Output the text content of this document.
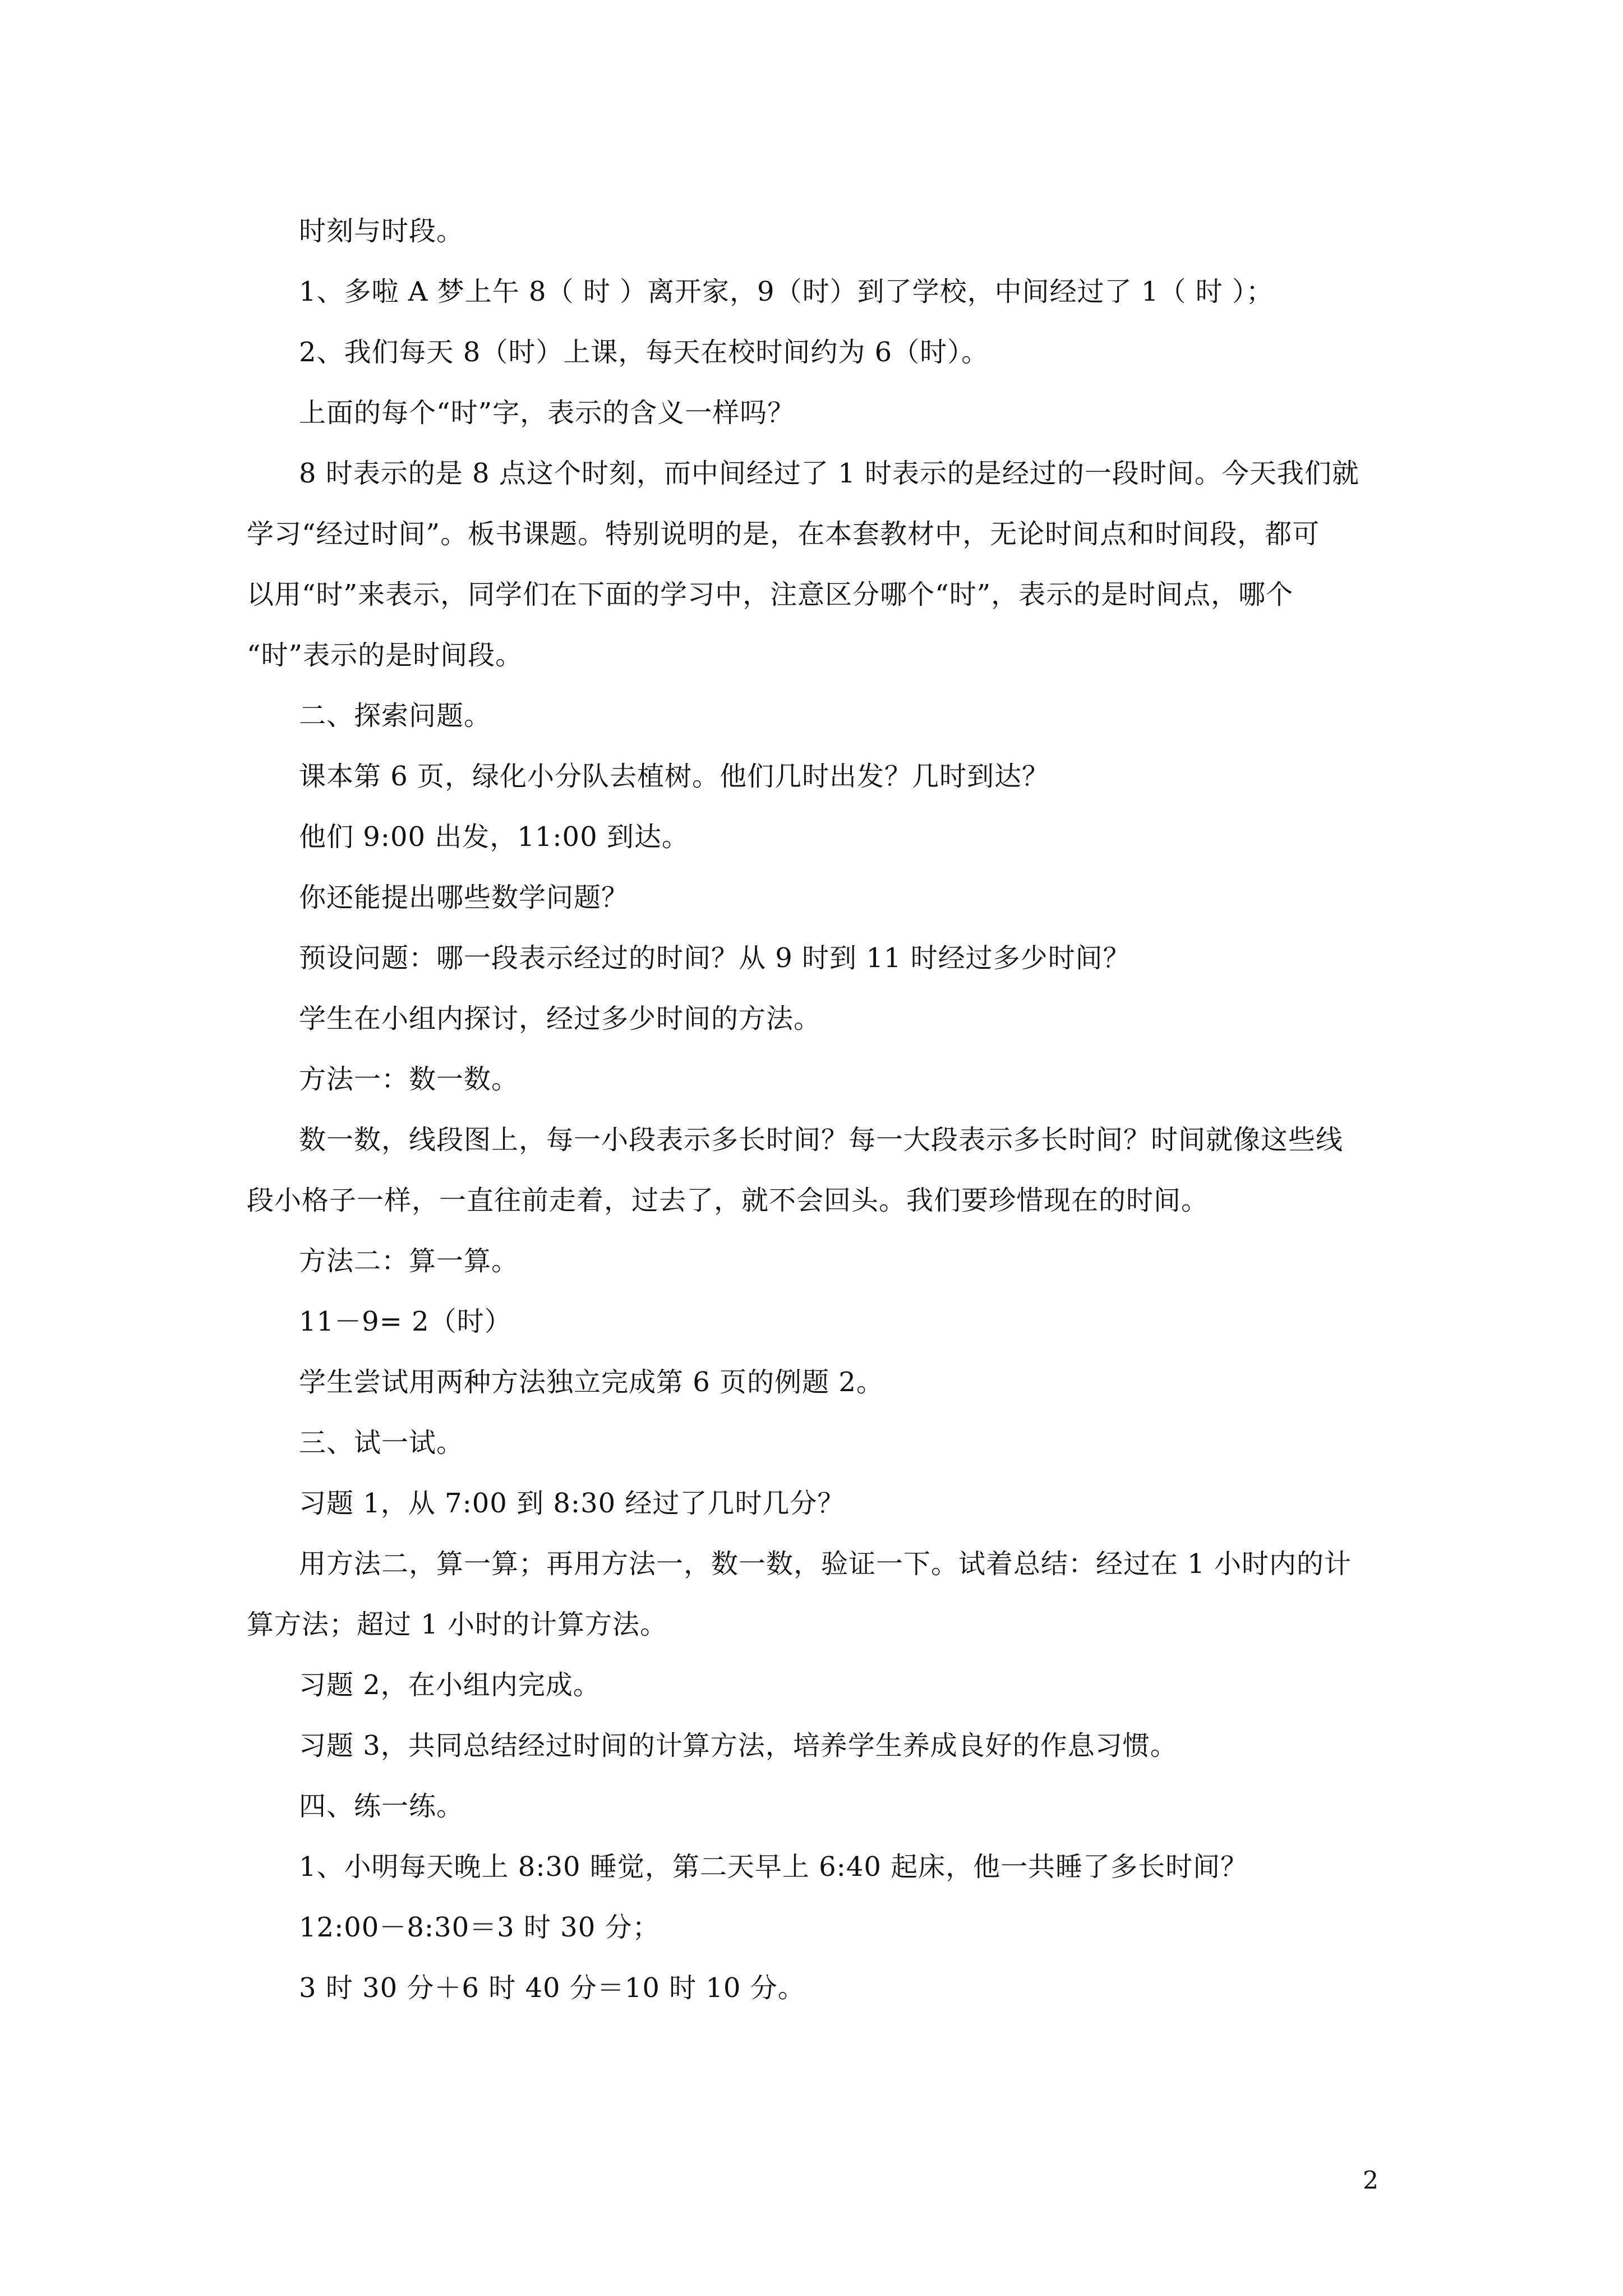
时刻与时段。
1、多啦 A 梦上午 8（ 时 ）离开家，9（时）到了学校，中间经过了 1（ 时 ）；
2、我们每天 8（时）上课，每天在校时间约为 6（时）。
上面的每个“时”字，表示的含义一样吗？
8 时表示的是 8 点这个时刻，而中间经过了 1 时表示的是经过的一段时间。今天我们就
学习“经过时间”。板书课题。特别说明的是，在本套教材中，无论时间点和时间段，都可
以用“时”来表示，同学们在下面的学习中，注意区分哪个“时”，表示的是时间点，哪个
“时”表示的是时间段。
二、探索问题。
课本第 6 页，绿化小分队去植树。他们几时出发？几时到达？
他们 9:00 出发，11:00 到达。
你还能提出哪些数学问题？
预设问题：哪一段表示经过的时间？从 9 时到 11 时经过多少时间？
学生在小组内探讨，经过多少时间的方法。
方法一：数一数。
数一数，线段图上，每一小段表示多长时间？每一大段表示多长时间？时间就像这些线
段小格子一样，一直往前走着，过去了，就不会回头。我们要珍惜现在的时间。
方法二：算一算。
11－9= 2（时）
学生尝试用两种方法独立完成第 6 页的例题 2。
三、试一试。
习题 1，从 7:00 到 8:30 经过了几时几分？
用方法二，算一算；再用方法一，数一数，验证一下。试着总结：经过在 1 小时内的计
算方法；超过 1 小时的计算方法。
习题 2，在小组内完成。
习题 3，共同总结经过时间的计算方法，培养学生养成良好的作息习惯。
四、练一练。
1、小明每天晚上 8:30 睡觉，第二天早上 6:40 起床，他一共睡了多长时间？
12:00－8:30＝3 时 30 分；
3 时 30 分＋6 时 40 分＝10 时 10 分。
2
